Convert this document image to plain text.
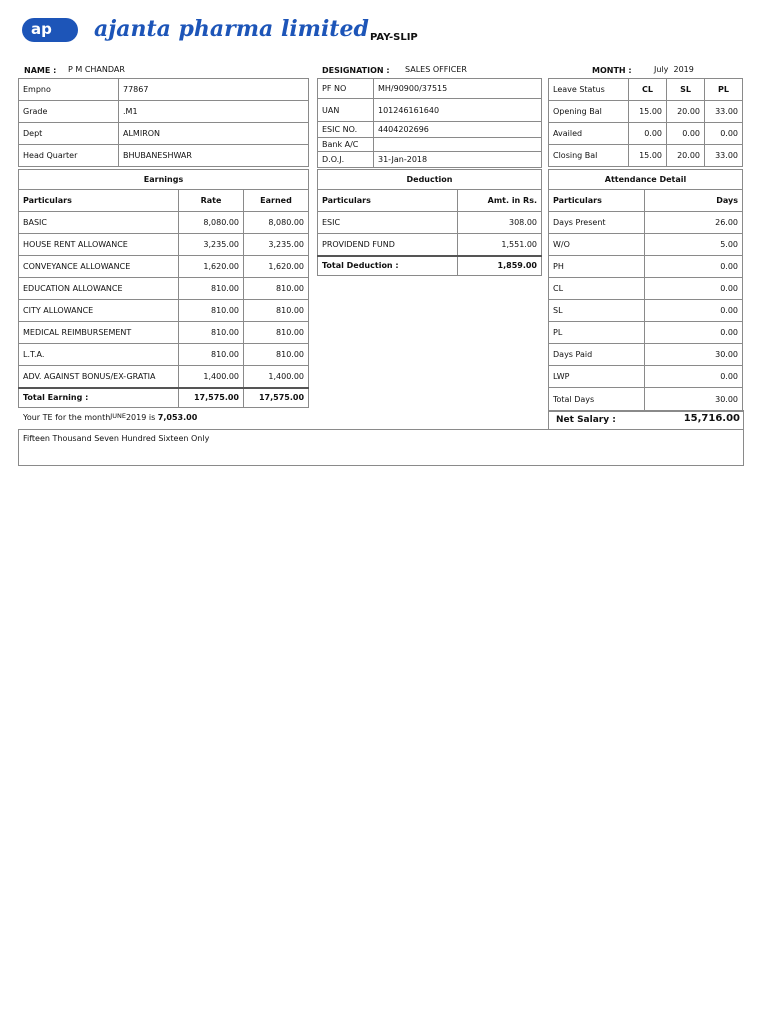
ap ajanta pharma limited PAY-SLIP
NAME : P M CHANDAR	DESIGNATION : SALES OFFICER	MONTH :	July 2019
Empno	77867
Grade	.M1
Dept	ALMIRON
Head Quarter	BHUBANESHWAR
PF NO	MH/90900/37515
UAN	101246161640
ESIC NO.	4404202696
Bank A/C	
D.O.J.	31-Jan-2018
Leave Status	CL	SL	PL
Opening Bal	15.00	20.00	33.00
Availed	0.00	0.00	0.00
Closing Bal	15.00	20.00	33.00
Earnings		
Particulars	Rate	Earned
BASIC	8,080.00	8,080.00
HOUSE RENT ALLOWANCE	3,235.00	3,235.00
CONVEYANCE ALLOWANCE	1,620.00	1,620.00
EDUCATION ALLOWANCE	810.00	810.00
CITY ALLOWANCE	810.00	810.00
MEDICAL REIMBURSEMENT	810.00	810.00
L.T.A.	810.00	810.00
ADV. AGAINST BONUS/EX-GRATIA	1,400.00	1,400.00
Total Earning :	17,575.00	17,575.00
Deduction	
Particulars	Amt. in Rs.
ESIC	308.00
PROVIDEND FUND	1,551.00
Total Deduction :	1,859.00
Attendance Detail	
Particulars	Days
Days Present	26.00
W/O	5.00
PH	0.00
CL	0.00
SL	0.00
PL	0.00
Days Paid	30.00
LWP	0.00
Total Days	30.00
Your TE for the month$^{JUNE}$2019 is 7,053.00	Net Salary :	15,716.00
Fifteen Thousand Seven Hundred Sixteen Only
